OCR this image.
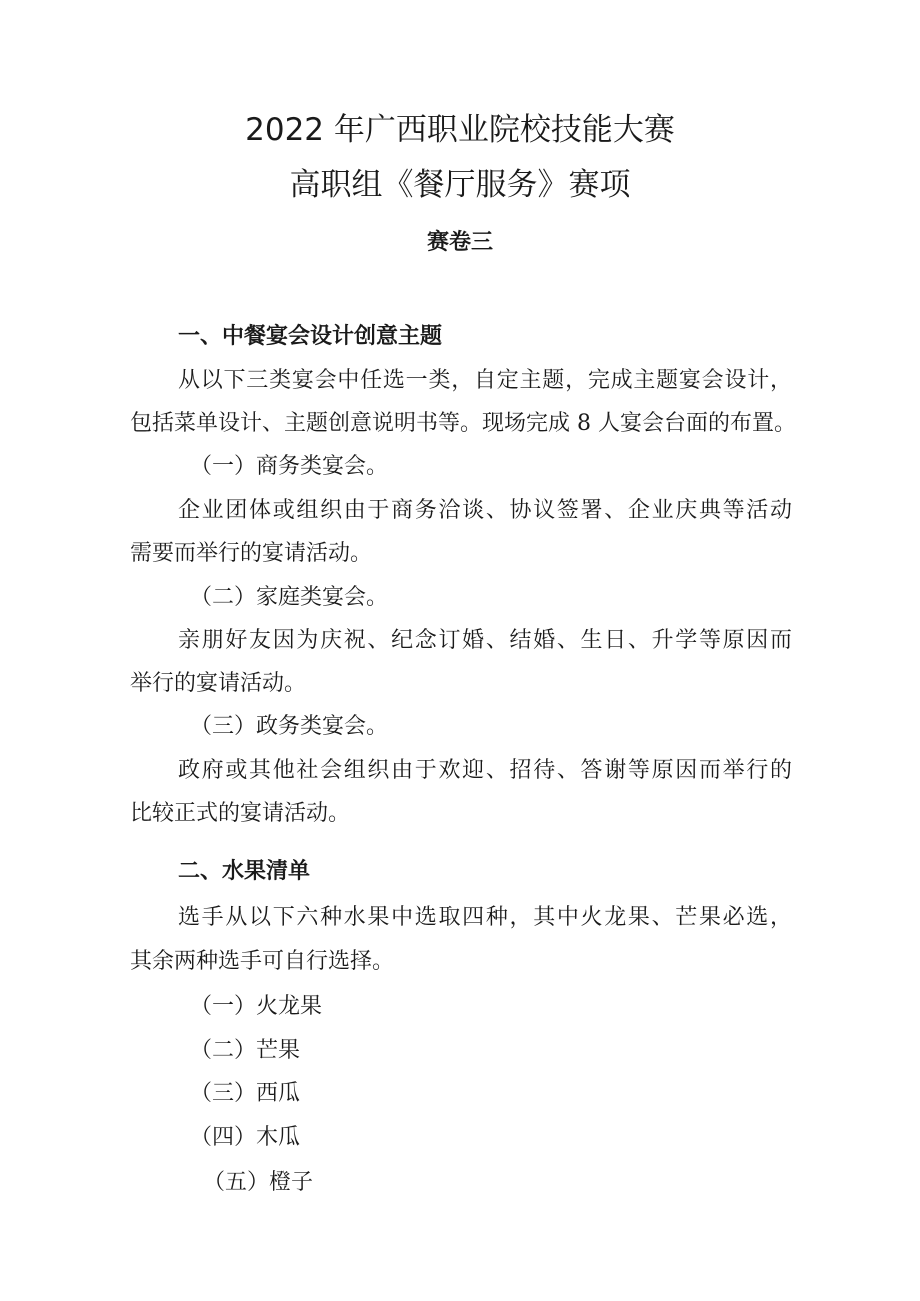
2022 年广西职业院校技能大赛
高职组《餐厅服务》赛项
赛卷三
一、中餐宴会设计创意主题
从以下三类宴会中任选一类，自定主题，完成主题宴会设计，
包括菜单设计、主题创意说明书等。现场完成 8 人宴会台面的布置。
（一）商务类宴会。
企业团体或组织由于商务洽谈、协议签署、企业庆典等活动
需要而举行的宴请活动。
（二）家庭类宴会。
亲朋好友因为庆祝、纪念订婚、结婚、生日、升学等原因而
举行的宴请活动。
（三）政务类宴会。
政府或其他社会组织由于欢迎、招待、答谢等原因而举行的
比较正式的宴请活动。
二、水果清单
选手从以下六种水果中选取四种，其中火龙果、芒果必选，
其余两种选手可自行选择。
（一）火龙果
（二）芒果
（三）西瓜
（四）木瓜
（五）橙子
